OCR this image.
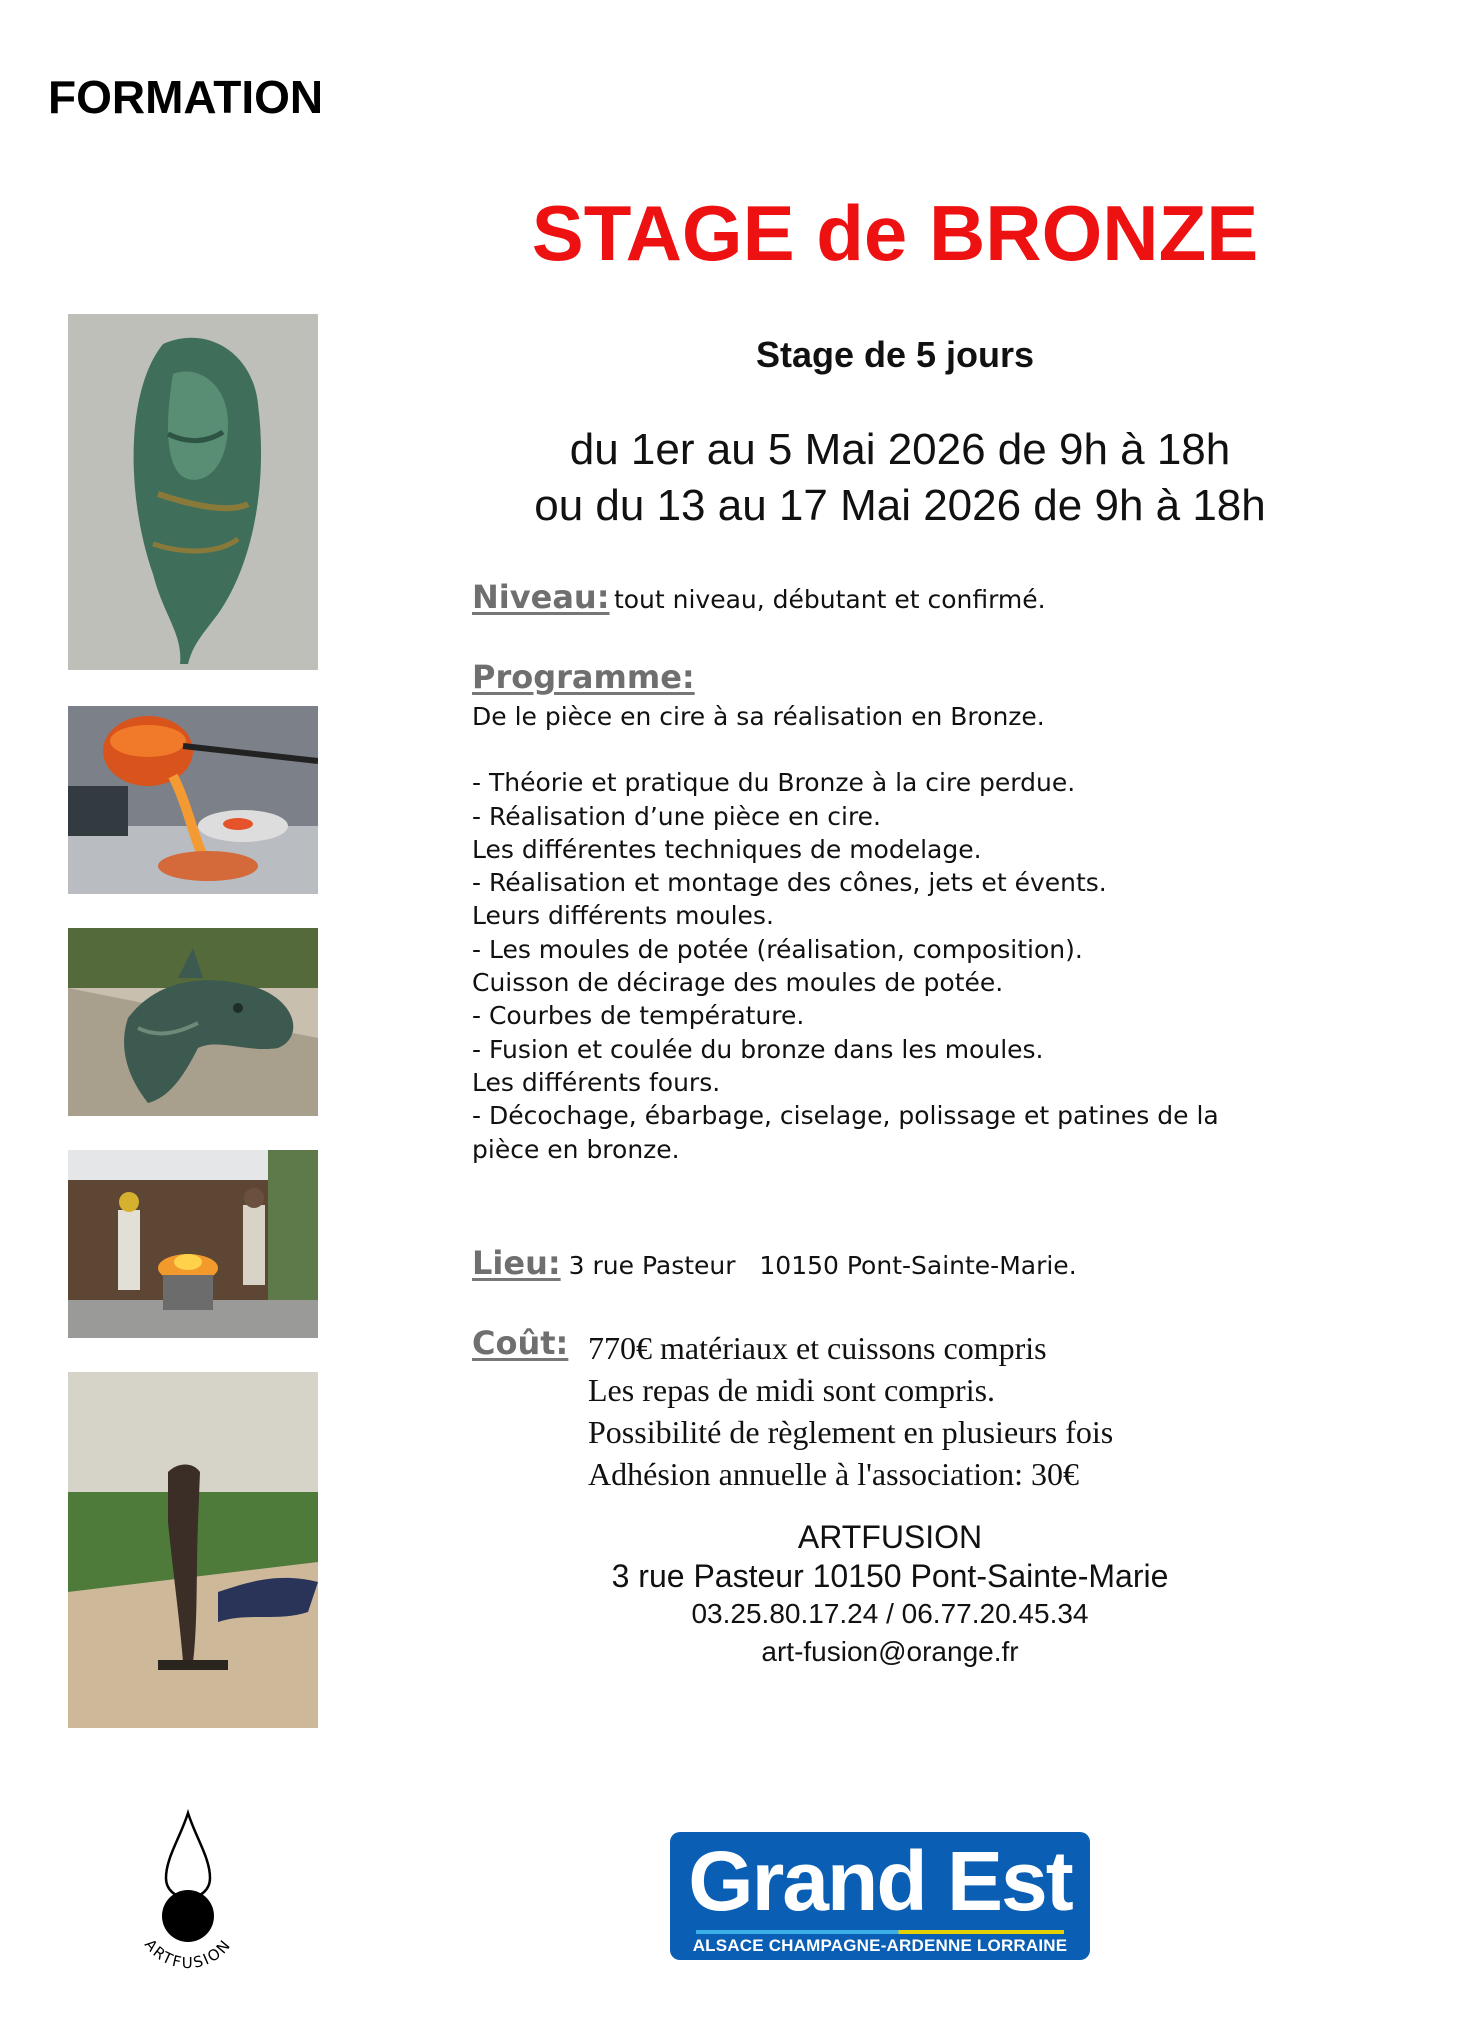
FORMATION
STAGE de BRONZE
Stage de 5 jours
du 1er au 5 Mai 2026 de 9h à 18h
ou du 13 au 17 Mai 2026 de 9h à 18h
Niveau: tout niveau, débutant et confirmé.
Programme:
De le pièce en cire à sa réalisation en Bronze.
- Théorie et pratique du Bronze à la cire perdue.
- Réalisation d’une pièce en cire.
Les différentes techniques de modelage.
- Réalisation et montage des cônes, jets et évents.
Leurs différents moules.
- Les moules de potée (réalisation, composition).
Cuisson de décirage des moules de potée.
- Courbes de température.
- Fusion et coulée du bronze dans les moules.
Les différents fours.
- Décochage, ébarbage, ciselage, polissage et patines de la
pièce en bronze.
Lieu: 3 rue Pasteur   10150 Pont-Sainte-Marie.
Coût: 770€ matériaux et cuissons compris
Les repas de midi sont compris.
Possibilité de règlement en plusieurs fois
Adhésion annuelle à l'association: 30€
ARTFUSION
3 rue Pasteur 10150 Pont-Sainte-Marie
03.25.80.17.24 / 06.77.20.45.34
art-fusion@orange.fr
ARTFUSION
Grand Est
ALSACE CHAMPAGNE-ARDENNE LORRAINE
